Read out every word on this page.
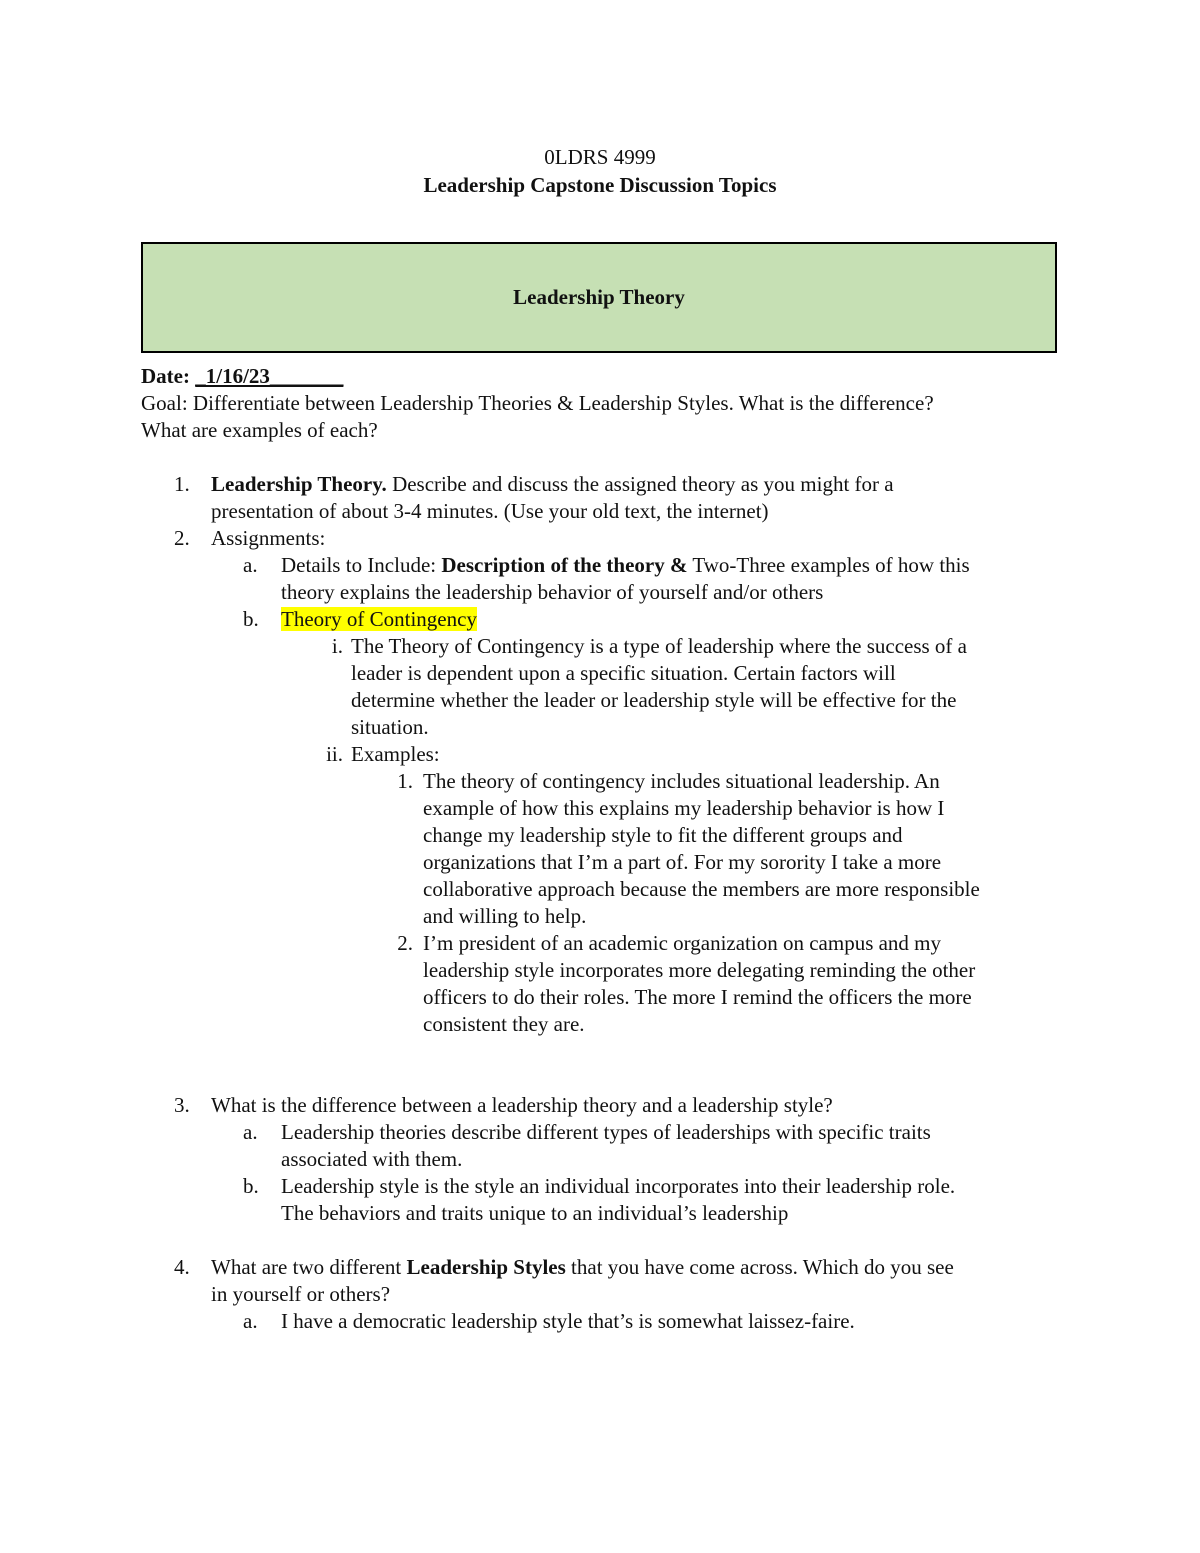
0LDRS 4999
Leadership Capstone Discussion Topics
Leadership Theory
Date: _1/16/23_______
Goal: Differentiate between Leadership Theories & Leadership Styles. What is the difference?
What are examples of each?
1. Leadership Theory. Describe and discuss the assigned theory as you might for a
presentation of about 3-4 minutes. (Use your old text, the internet)
2. Assignments:
a. Details to Include: Description of the theory & Two-Three examples of how this
theory explains the leadership behavior of yourself and/or others
b. Theory of Contingency
i. The Theory of Contingency is a type of leadership where the success of a
leader is dependent upon a specific situation. Certain factors will
determine whether the leader or leadership style will be effective for the
situation.
ii. Examples:
1. The theory of contingency includes situational leadership. An
example of how this explains my leadership behavior is how I
change my leadership style to fit the different groups and
organizations that I’m a part of. For my sorority I take a more
collaborative approach because the members are more responsible
and willing to help.
2. I’m president of an academic organization on campus and my
leadership style incorporates more delegating reminding the other
officers to do their roles. The more I remind the officers the more
consistent they are.
3. What is the difference between a leadership theory and a leadership style?
a. Leadership theories describe different types of leaderships with specific traits
associated with them.
b. Leadership style is the style an individual incorporates into their leadership role.
The behaviors and traits unique to an individual’s leadership
4. What are two different Leadership Styles that you have come across. Which do you see
in yourself or others?
a. I have a democratic leadership style that’s is somewhat laissez-faire.
